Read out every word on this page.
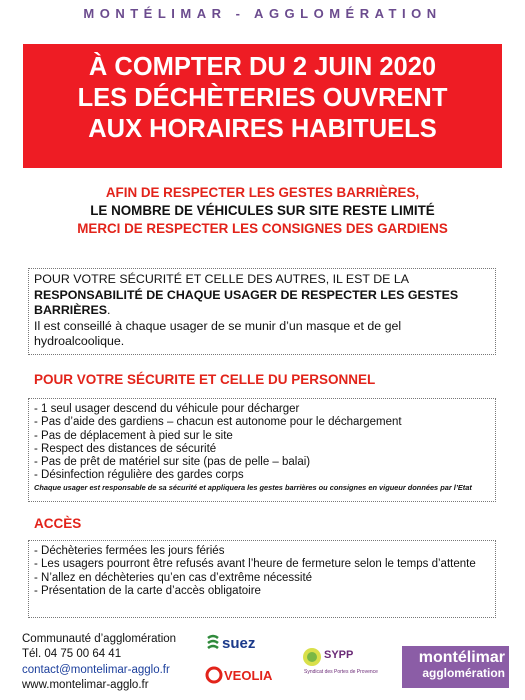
MONTÉLIMAR - AGGLOMÉRATION
À COMPTER DU 2 JUIN 2020
LES DÉCHÈTERIES OUVRENT
AUX HORAIRES HABITUELS
AFIN DE RESPECTER LES GESTES BARRIÈRES,
LE NOMBRE DE VÉHICULES SUR SITE RESTE LIMITÉ
MERCI DE RESPECTER LES CONSIGNES DES GARDIENS
POUR VOTRE SÉCURITÉ ET CELLE DES AUTRES, IL EST DE LA RESPONSABILITÉ DE CHAQUE USAGER DE RESPECTER LES GESTES BARRIÈRES.
Il est conseillé à chaque usager de se munir d’un masque et de gel hydroalcoolique.
POUR VOTRE SÉCURITE ET CELLE DU PERSONNEL
- 1 seul usager descend du véhicule pour décharger
- Pas d’aide des gardiens – chacun est autonome pour le déchargement
- Pas de déplacement à pied sur le site
- Respect des distances de sécurité
- Pas de prêt de matériel sur site (pas de pelle – balai)
- Désinfection régulière des gardes corps
Chaque usager est responsable de sa sécurité et appliquera les gestes barrières ou consignes en vigueur données par l’Etat
ACCÈS
- Déchèteries fermées les jours fériés
- Les usagers pourront être refusés avant l’heure de fermeture selon le temps d’attente
- N’allez en déchèteries qu’en cas d’extrême nécessité
- Présentation de la carte d’accès obligatoire
Communauté d’agglomération
Tél. 04 75 00 64 41
contact@montelimar-agglo.fr
www.montelimar-agglo.fr
suez
VEOLIA
SYPP
Syndicat des Portes de Provence
montélimar
agglomération
